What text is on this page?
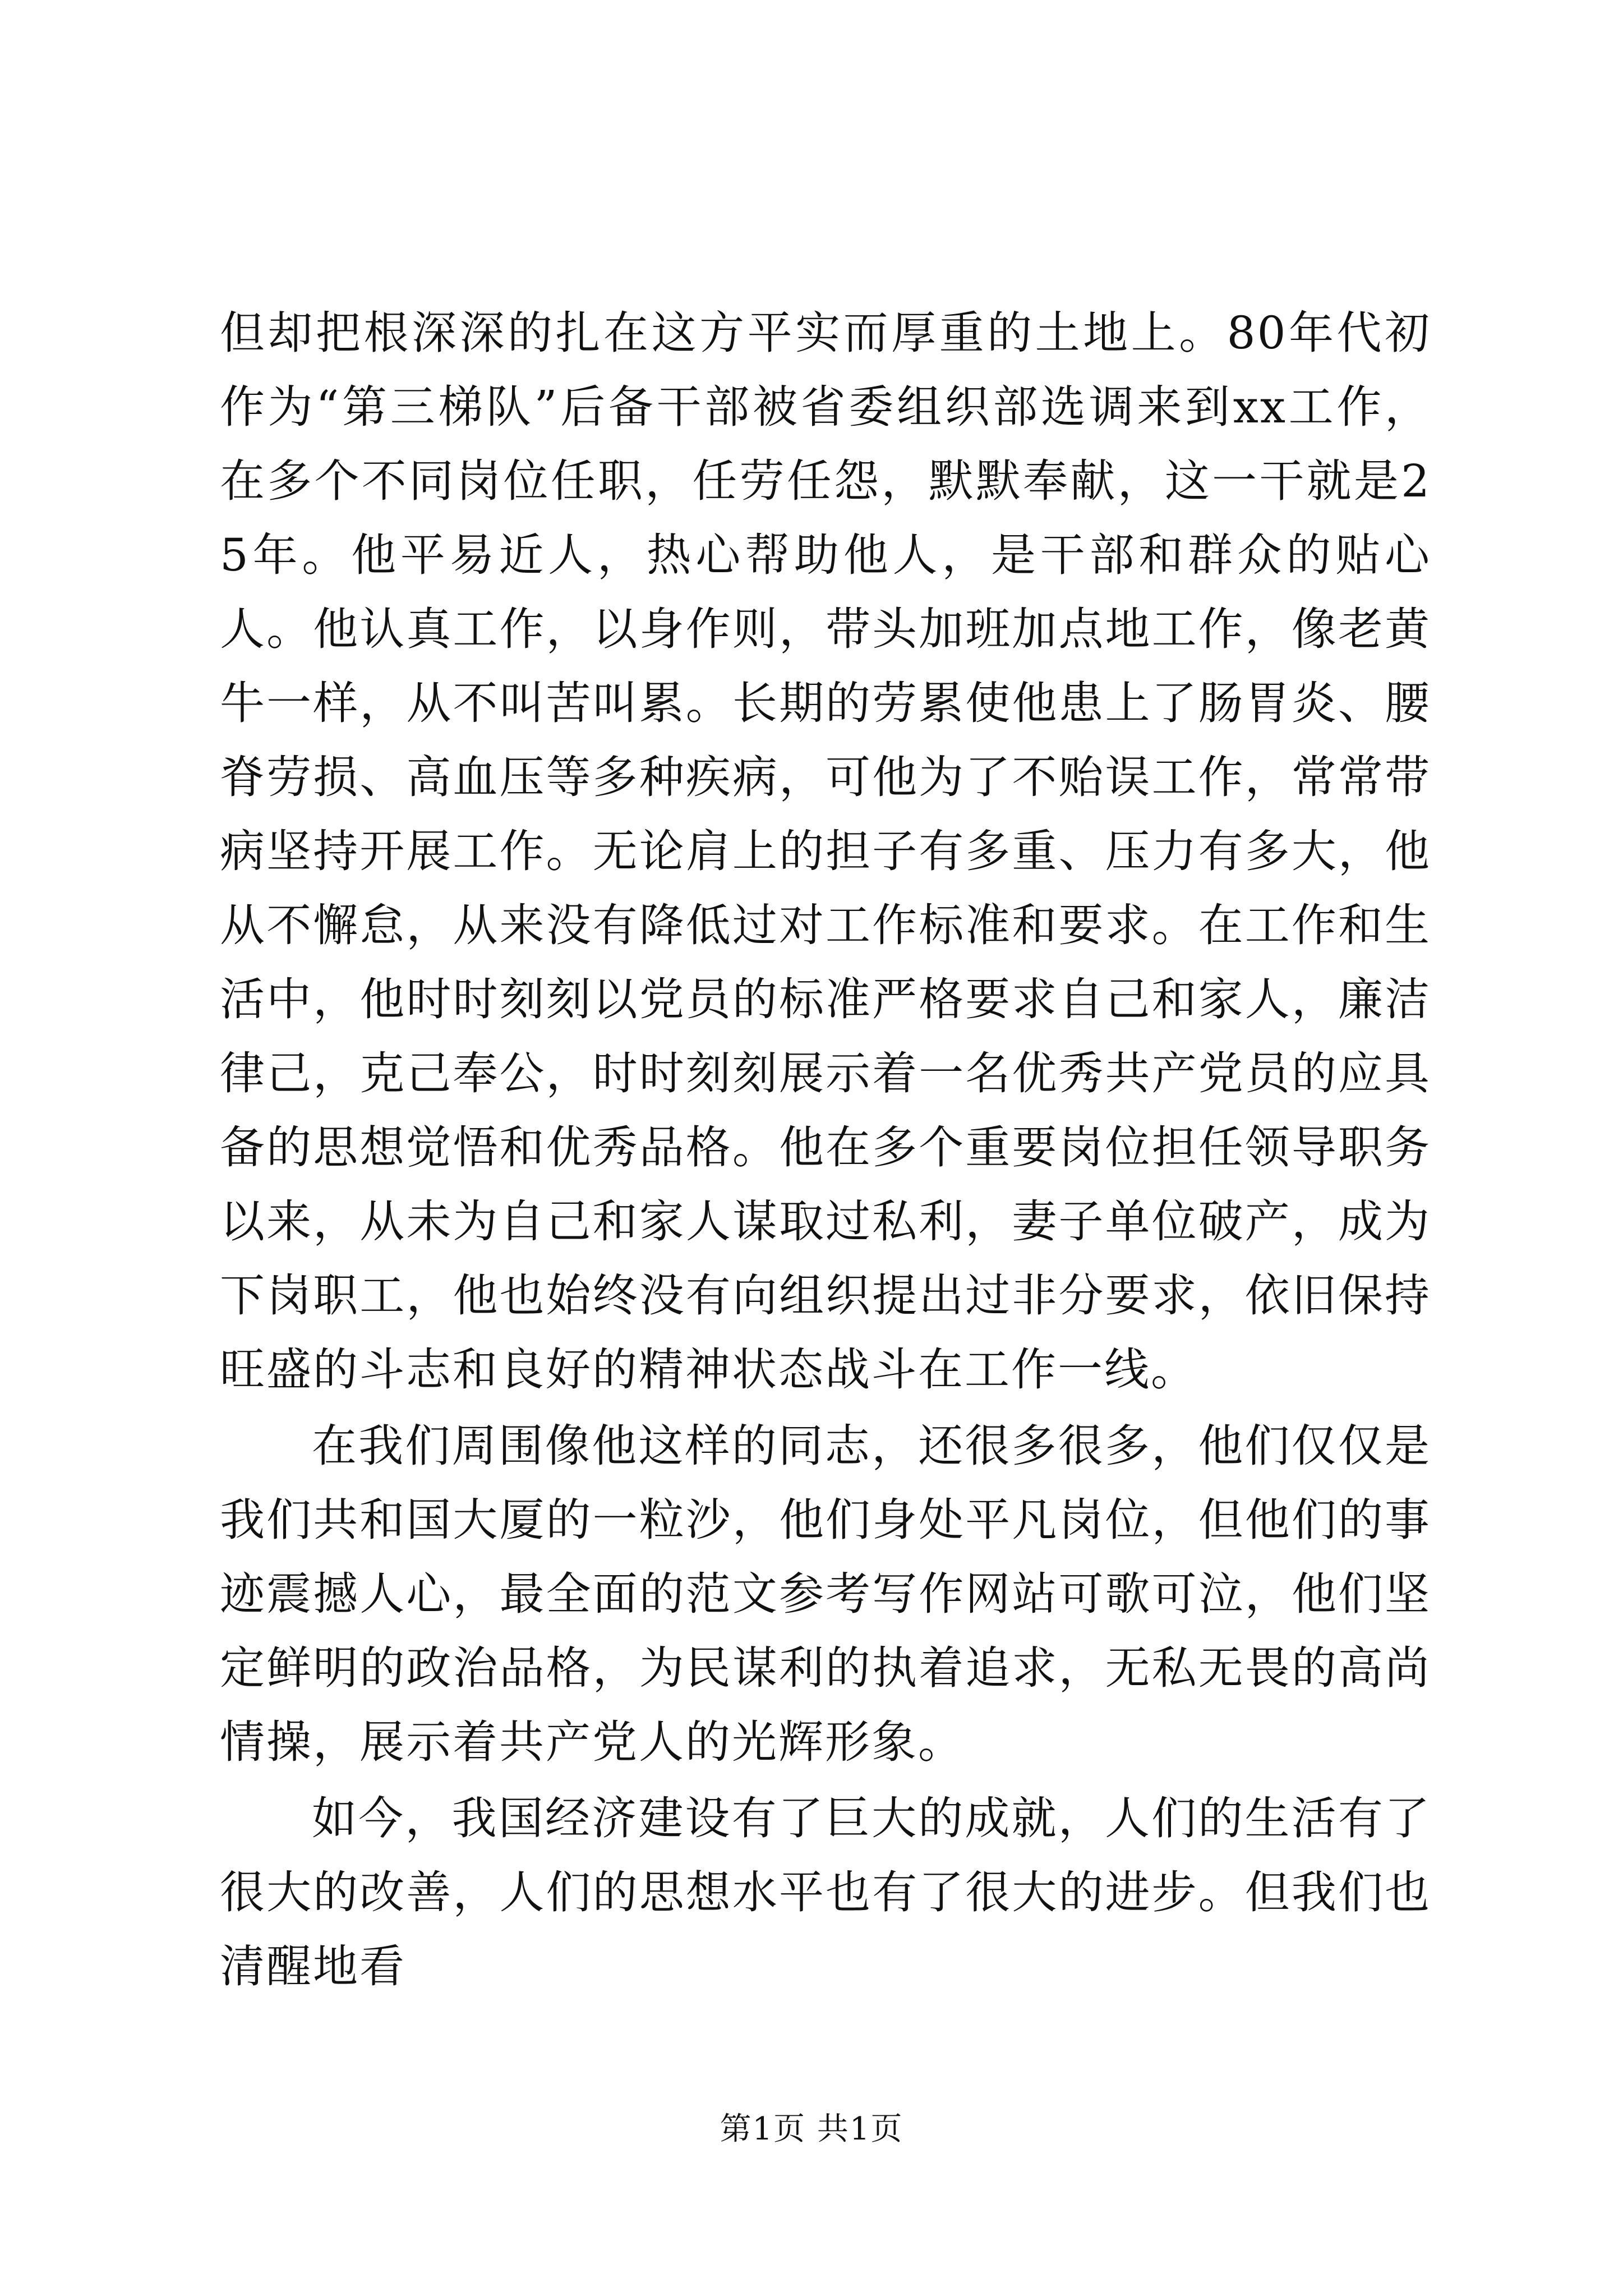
但却把根深深的扎在这方平实而厚重的土地上。80年代初作为“第三梯队”后备干部被省委组织部选调来到xx工作，在多个不同岗位任职，任劳任怨，默默奉献，这一干就是25年。他平易近人，热心帮助他人，是干部和群众的贴心人。他认真工作，以身作则，带头加班加点地工作，像老黄牛一样，从不叫苦叫累。长期的劳累使他患上了肠胃炎、腰脊劳损、高血压等多种疾病，可他为了不贻误工作，常常带病坚持开展工作。无论肩上的担子有多重、压力有多大，他从不懈怠，从来没有降低过对工作标准和要求。在工作和生活中，他时时刻刻以党员的标准严格要求自己和家人，廉洁律己，克己奉公，时时刻刻展示着一名优秀共产党员的应具备的思想觉悟和优秀品格。他在多个重要岗位担任领导职务以来，从未为自己和家人谋取过私利，妻子单位破产，成为下岗职工，他也始终没有向组织提出过非分要求，依旧保持旺盛的斗志和良好的精神状态战斗在工作一线。

在我们周围像他这样的同志，还很多很多，他们仅仅是我们共和国大厦的一粒沙，他们身处平凡岗位，但他们的事迹震撼人心，最全面的范文参考写作网站可歌可泣，他们坚定鲜明的政治品格，为民谋利的执着追求，无私无畏的高尚情操，展示着共产党人的光辉形象。

如今，我国经济建设有了巨大的成就，人们的生活有了很大的改善，人们的思想水平也有了很大的进步。但我们也清醒地看

第1页 共1页
